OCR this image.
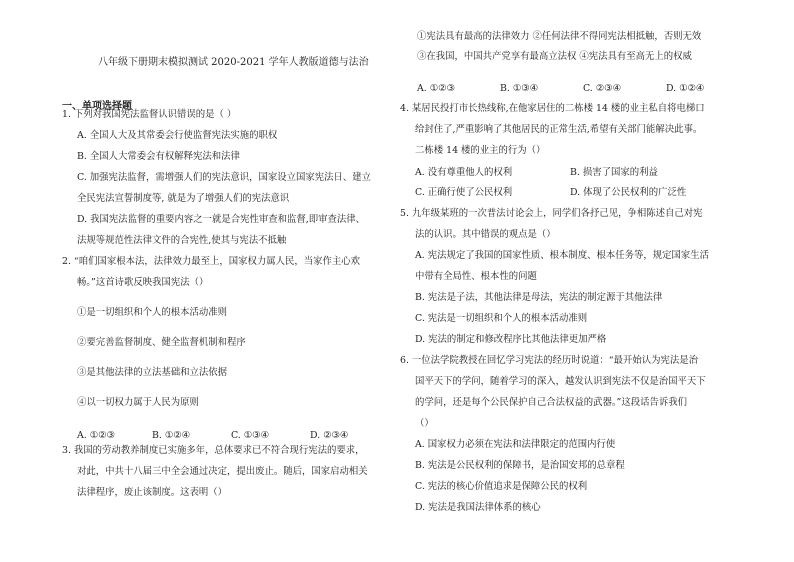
八年级下册期末模拟测试 2020-2021 学年人教版道德与法治
一、单项选择题
1. 下列对我国宪法监督认识错误的是（ ）
A. 全国人大及其常委会行使监督宪法实施的职权
B. 全国人大常委会有权解释宪法和法律
C. 加强宪法监督，需增强人们的宪法意识，国家设立国家宪法日、建立
全民宪法宣誓制度等, 就是为了增强人们的宪法意识
D. 我国宪法监督的重要内容之一就是合宪性审查和监督,即审查法律、
法规等规范性法律文件的合宪性,使其与宪法不抵触
2. “咱们国家根本法，法律效力最至上，国家权力属人民，当家作主心欢
畅。”这首诗歌反映我国宪法（）
①是一切组织和个人的根本活动准则
②要完善监督制度、健全监督机制和程序
③是其他法律的立法基础和立法依据
④以一切权力属于人民为原则
A. ①②③	B. ①②④	C. ①③④	D. ②③④
3. 我国的劳动教养制度已实施多年，总体要求已不符合现行宪法的要求，
对此，中共十八届三中全会通过决定，提出废止。随后，国家启动相关
法律程序，废止该制度。这表明（）
①宪法具有最高的法律效力 ②任何法律不得同宪法相抵触，否则无效
③在我国，中国共产党享有最高立法权 ④宪法具有至高无上的权威
A. ①②③	B. ①③④	C. ②③④	D. ①②④
4. 某居民投打市长热线称,在他家居住的二栋楼 14 楼的业主私自将电梯口
给封住了,严重影响了其他居民的正常生活,希望有关部门能解决此事。
二栋楼 14 楼的业主的行为（）
A. 没有尊重他人的权利	B. 损害了国家的利益
C. 正确行使了公民权利	D. 体现了公民权利的广泛性
5. 九年级某班的一次普法讨论会上，同学们各抒己见，争相陈述自己对宪
法的认识。其中错误的观点是（）
A. 宪法规定了我国的国家性质、根本制度、根本任务等，规定国家生活
中带有全局性、根本性的问题
B. 宪法是子法，其他法律是母法，宪法的制定源于其他法律
C. 宪法是一切组织和个人的根本活动准则
D. 宪法的制定和修改程序比其他法律更加严格
6. 一位法学院教授在回忆学习宪法的经历时说道：“最开始认为宪法是治
国平天下的学问，随着学习的深入，越发认识到宪法不仅是治国平天下
的学问，还是每个公民保护自己合法权益的武器。”这段话告诉我们
（）
A. 国家权力必须在宪法和法律限定的范围内行使
B. 宪法是公民权利的保障书，是治国安邦的总章程
C. 宪法的核心价值追求是保障公民的权利
D. 宪法是我国法律体系的核心
